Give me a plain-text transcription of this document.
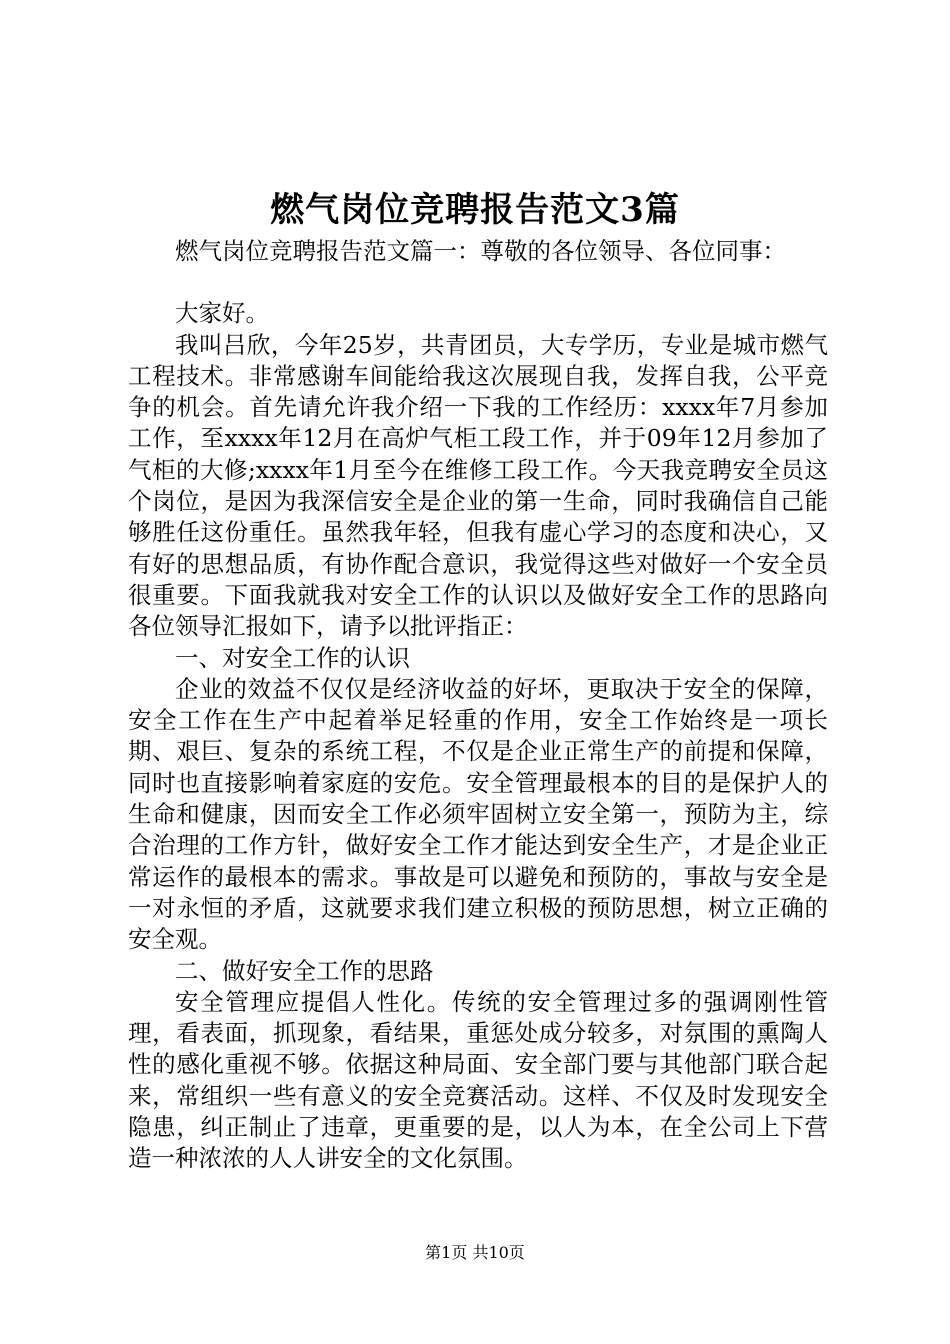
燃气岗位竞聘报告范文3篇

燃气岗位竞聘报告范文篇一：尊敬的各位领导、各位同事：

大家好。

我叫吕欣，今年25岁，共青团员，大专学历，专业是城市燃气工程技术。非常感谢车间能给我这次展现自我，发挥自我，公平竞争的机会。首先请允许我介绍一下我的工作经历：xxxx年7月参加工作，至xxxx年12月在高炉气柜工段工作，并于09年12月参加了气柜的大修;xxxx年1月至今在维修工段工作。今天我竞聘安全员这个岗位，是因为我深信安全是企业的第一生命，同时我确信自己能够胜任这份重任。虽然我年轻，但我有虚心学习的态度和决心，又有好的思想品质，有协作配合意识，我觉得这些对做好一个安全员很重要。下面我就我对安全工作的认识以及做好安全工作的思路向各位领导汇报如下，请予以批评指正：

一、对安全工作的认识

企业的效益不仅仅是经济收益的好坏，更取决于安全的保障，安全工作在生产中起着举足轻重的作用，安全工作始终是一项长期、艰巨、复杂的系统工程，不仅是企业正常生产的前提和保障，同时也直接影响着家庭的安危。安全管理最根本的目的是保护人的生命和健康，因而安全工作必须牢固树立安全第一，预防为主，综合治理的工作方针，做好安全工作才能达到安全生产，才是企业正常运作的最根本的需求。事故是可以避免和预防的，事故与安全是一对永恒的矛盾，这就要求我们建立积极的预防思想，树立正确的安全观。

二、做好安全工作的思路

安全管理应提倡人性化。传统的安全管理过多的强调刚性管理，看表面，抓现象，看结果，重惩处成分较多，对氛围的熏陶人性的感化重视不够。依据这种局面、安全部门要与其他部门联合起来，常组织一些有意义的安全竞赛活动。这样、不仅及时发现安全隐患，纠正制止了违章，更重要的是，以人为本，在全公司上下营造一种浓浓的人人讲安全的文化氛围。

第1页 共10页
